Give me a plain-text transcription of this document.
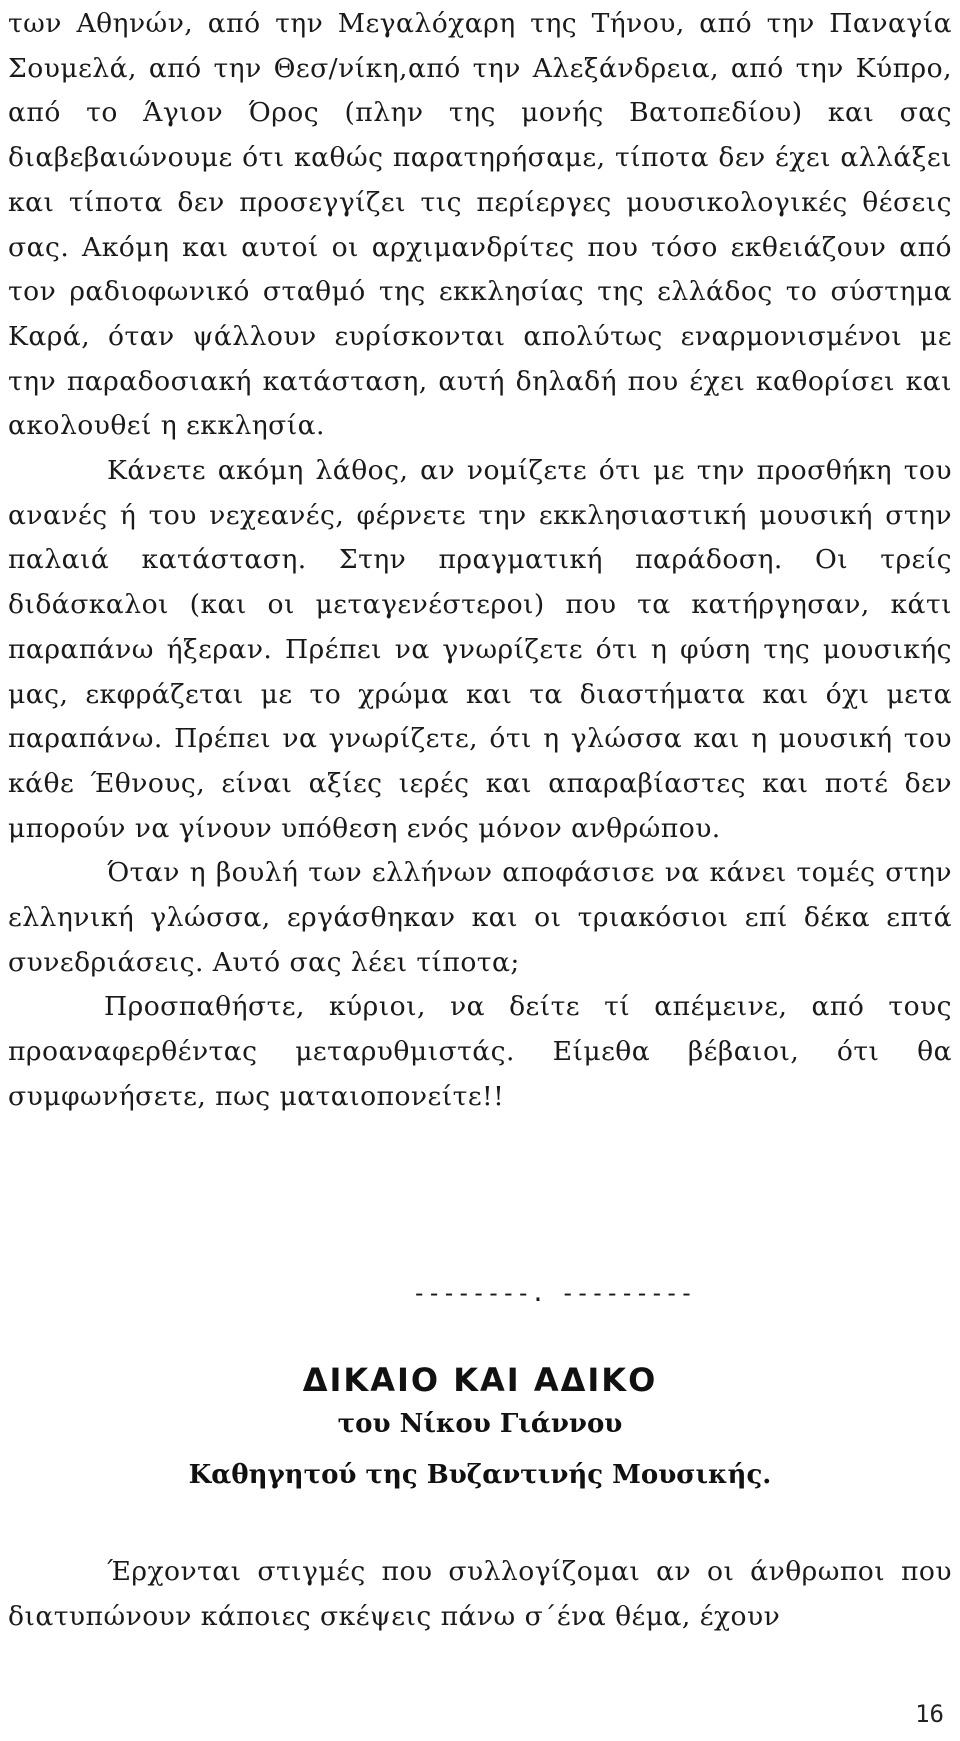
των Αθηνών, από την Μεγαλόχαρη της Τήνου, από την Παναγία Σουμελά, από την Θεσ/νίκη,από την Αλεξάνδρεια, από την Κύπρο, από το Άγιον Όρος (πλην της μονής Βατοπεδίου) και σας διαβεβαιώνουμε ότι καθώς παρατηρήσαμε, τίποτα δεν έχει αλλάξει και τίποτα δεν προσεγγίζει τις περίεργες μουσικολογικές θέσεις σας. Ακόμη και αυτοί οι αρχιμανδρίτες που τόσο εκθειάζουν από τον ραδιοφωνικό σταθμό της εκκλησίας της ελλάδος το σύστημα Καρά, όταν ψάλλουν ευρίσκονται απολύτως εναρμονισμένοι με την παραδοσιακή κατάσταση, αυτή δηλαδή που έχει καθορίσει και ακολουθεί η εκκλησία.

Κάνετε ακόμη λάθος, αν νομίζετε ότι με την προσθήκη του ανανές ή του νεχεανές, φέρνετε την εκκλησιαστική μουσική στην παλαιά κατάσταση. Στην πραγματική παράδοση. Οι τρείς διδάσκαλοι (και οι μεταγενέστεροι) που τα κατήργησαν, κάτι παραπάνω ήξεραν. Πρέπει να γνωρίζετε ότι η φύση της μουσικής μας, εκφράζεται με το χρώμα και τα διαστήματα και όχι μετα παραπάνω. Πρέπει να γνωρίζετε, ότι η γλώσσα και η μουσική του κάθε Έθνους, είναι αξίες ιερές και απαραβίαστες και ποτέ δεν μπορούν να γίνουν υπόθεση ενός μόνον ανθρώπου.

Όταν η βουλή των ελλήνων αποφάσισε να κάνει τομές στην ελληνική γλώσσα, εργάσθηκαν και οι τριακόσιοι επί δέκα επτά συνεδριάσεις. Αυτό σας λέει τίποτα;

Προσπαθήστε, κύριοι, να δείτε τί απέμεινε, από τους προαναφερθέντας μεταρυθμιστάς. Είμεθα βέβαιοι, ότι θα συμφωνήσετε, πως ματαιοπονείτε!!

--------. ---------
ΔΙΚΑΙΟ ΚΑΙ ΑΔΙΚΟ
του Νίκου Γιάννου
Καθηγητού της Βυζαντινής Μουσικής.

Έρχονται στιγμές που συλλογίζομαι αν οι άνθρωποι που διατυπώνουν κάποιες σκέψεις πάνω σ΄ένα θέμα, έχουν

16
